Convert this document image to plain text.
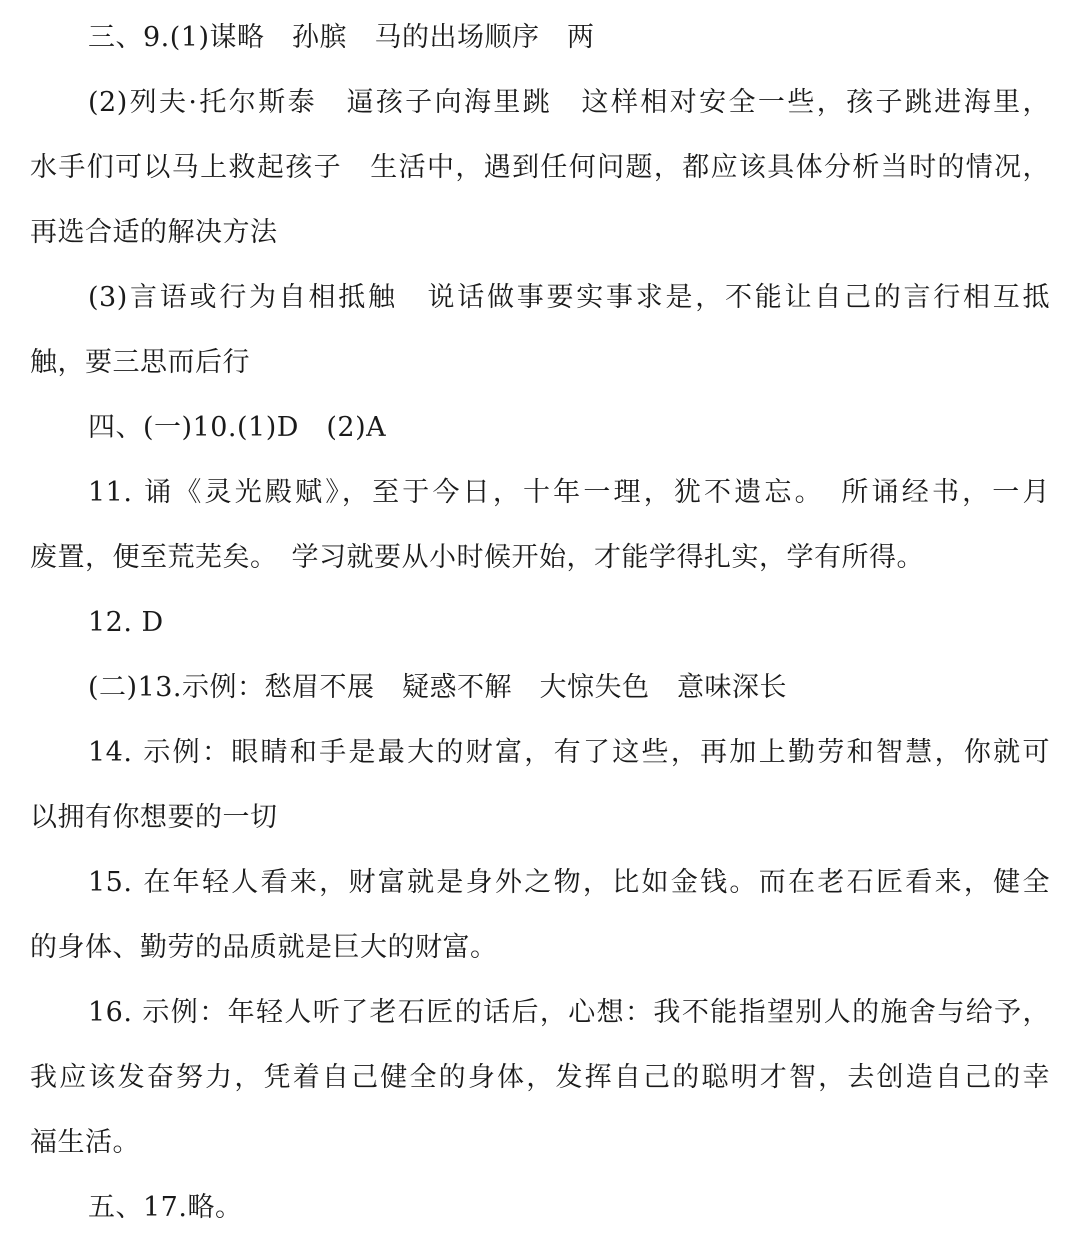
三、9.(1)谋略　孙膑　马的出场顺序　两
(2)列夫·托尔斯泰　逼孩子向海里跳　这样相对安全一些，孩子跳进海里，
水手们可以马上救起孩子　生活中，遇到任何问题，都应该具体分析当时的情况，
再选合适的解决方法
(3)言语或行为自相抵触　说话做事要实事求是，不能让自己的言行相互抵
触，要三思而后行
四、(一)10.(1)D　(2)A
11. 诵《灵光殿赋》，至于今日，十年一理，犹不遗忘。　所诵经书，一月
废置，便至荒芜矣。　学习就要从小时候开始，才能学得扎实，学有所得。
12. D
(二)13.示例：愁眉不展　疑惑不解　大惊失色　意味深长
14. 示例：眼睛和手是最大的财富，有了这些，再加上勤劳和智慧，你就可
以拥有你想要的一切
15. 在年轻人看来，财富就是身外之物，比如金钱。而在老石匠看来，健全
的身体、勤劳的品质就是巨大的财富。
16. 示例：年轻人听了老石匠的话后，心想：我不能指望别人的施舍与给予，
我应该发奋努力，凭着自己健全的身体，发挥自己的聪明才智，去创造自己的幸
福生活。
五、17.略。
